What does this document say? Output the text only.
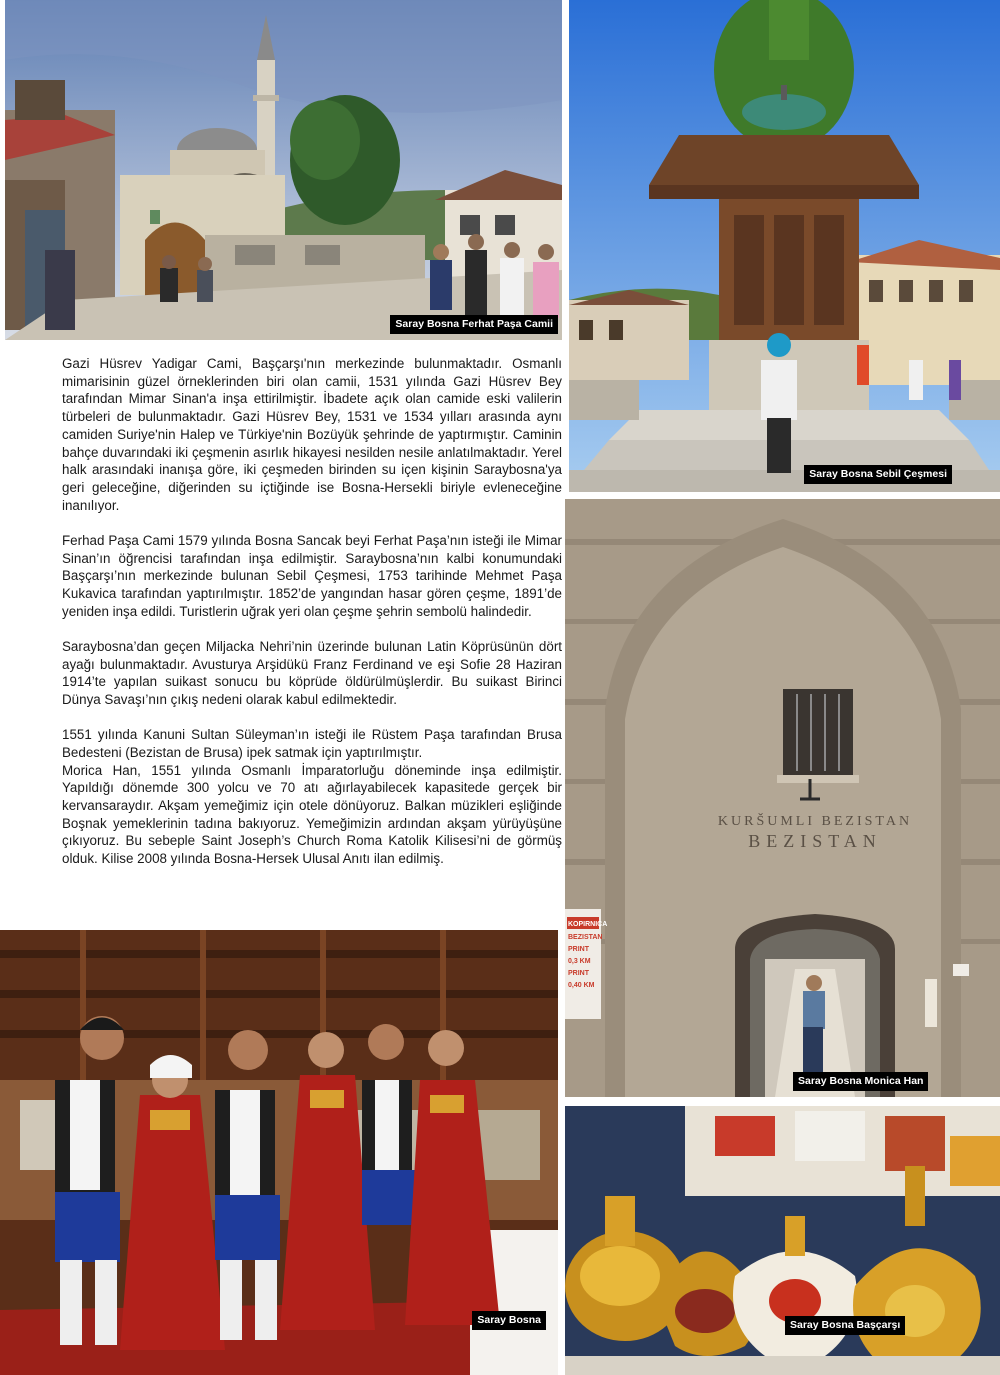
Saray Bosna Ferhat Paşa Camii
Saray Bosna Sebil Çeşmesi
KURŠUMLI BEZISTAN
BEZISTAN
KOPIRNICA
BEZISTAN
PRINT
0,3 KM
PRINT
0,40 KM
Saray Bosna Monica Han
Saray Bosna	Saray Bosna Başçarşı

Gazi Hüsrev Yadigar Cami, Başçarşı'nın merkezinde bulunmaktadır. Osmanlı mimarisinin güzel örneklerinden biri olan camii, 1531 yılında Gazi Hüsrev Bey tarafından Mimar Sinan'a inşa ettirilmiştir. İbadete açık olan camide eski valilerin türbeleri de bulunmaktadır. Gazi Hüsrev Bey, 1531 ve 1534 yılları arasında aynı camiden Suriye'nin Halep ve Türkiye'nin Bozüyük şehrinde de yaptırmıştır. Caminin bahçe duvarındaki iki çeşmenin asırlık hikayesi nesilden nesile anlatılmaktadır. Yerel halk arasındaki inanışa göre, iki çeşmeden birinden su içen kişinin Saraybosna'ya geri geleceğine, diğerinden su içtiğinde ise Bosna-Hersekli biriyle evleneceğine inanılıyor.

Ferhad Paşa Cami 1579 yılında Bosna Sancak beyi Ferhat Paşa’nın isteği ile Mimar Sinan’ın öğrencisi tarafından inşa edilmiştir. Saraybosna’nın kalbi konumundaki Başçarşı’nın merkezinde bulunan Sebil Çeşmesi, 1753 tarihinde Mehmet Paşa Kukavica tarafından yaptırılmıştır. 1852’de yangından hasar gören çeşme, 1891’de yeniden inşa edildi. Turistlerin uğrak yeri olan çeşme şehrin sembolü halindedir.

Saraybosna’dan geçen Miljacka Nehri’nin üzerinde bulunan Latin Köprüsünün dört ayağı bulunmaktadır. Avusturya Arşidükü Franz Ferdinand ve eşi Sofie 28 Haziran 1914’te yapılan suikast sonucu bu köprüde öldürülmüşlerdir. Bu suikast Birinci Dünya Savaşı’nın çıkış nedeni olarak kabul edilmektedir.

1551 yılında Kanuni Sultan Süleyman’ın isteği ile Rüstem Paşa tarafından Brusa Bedesteni (Bezistan de Brusa) ipek satmak için yaptırılmıştır.
Morica Han, 1551 yılında Osmanlı İmparatorluğu döneminde inşa edilmiştir. Yapıldığı dönemde 300 yolcu ve 70 atı ağırlayabilecek kapasitede gerçek bir kervansaraydır. Akşam yemeğimiz için otele dönüyoruz. Balkan müzikleri eşliğinde Boşnak yemeklerinin tadına bakıyoruz. Yemeğimizin ardından akşam yürüyüşüne çıkıyoruz. Bu sebeple Saint Joseph’s Church Roma Katolik Kilisesi’ni de görmüş olduk. Kilise 2008 yılında Bosna-Hersek Ulusal Anıtı ilan edilmiş.
